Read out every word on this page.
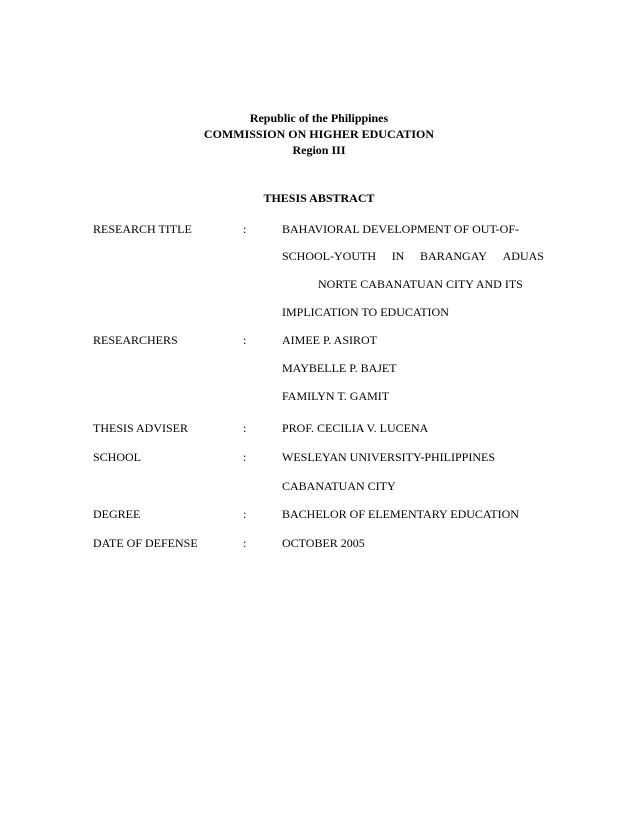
Republic of the Philippines
COMMISSION ON HIGHER EDUCATION
Region III
THESIS ABSTRACT
RESEARCH TITLE	:	BAHAVIORAL DEVELOPMENT OF OUT-OF-
SCHOOL-YOUTH IN BARANGAY ADUAS
NORTE CABANATUAN CITY AND ITS
IMPLICATION TO EDUCATION
RESEARCHERS	:	AIMEE P. ASIROT
MAYBELLE P. BAJET
FAMILYN T. GAMIT
THESIS ADVISER	:	PROF. CECILIA V. LUCENA
SCHOOL	:	WESLEYAN UNIVERSITY-PHILIPPINES
CABANATUAN CITY
DEGREE	:	BACHELOR OF ELEMENTARY EDUCATION
DATE OF DEFENSE	:	OCTOBER 2005
